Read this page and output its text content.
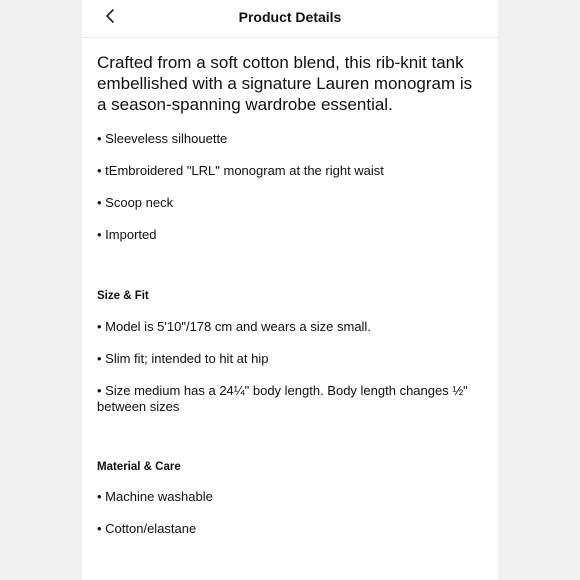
Product Details

Crafted from a soft cotton blend, this rib-knit tank embellished with a signature Lauren monogram is a season-spanning wardrobe essential.

• Sleeveless silhouette
• tEmbroidered "LRL" monogram at the right waist
• Scoop neck
• Imported
Size & Fit
• Model is 5'10"/178 cm and wears a size small.
• Slim fit; intended to hit at hip
• Size medium has a 24¼" body length. Body length changes ½" between sizes
Material & Care
• Machine washable
• Cotton/elastane
